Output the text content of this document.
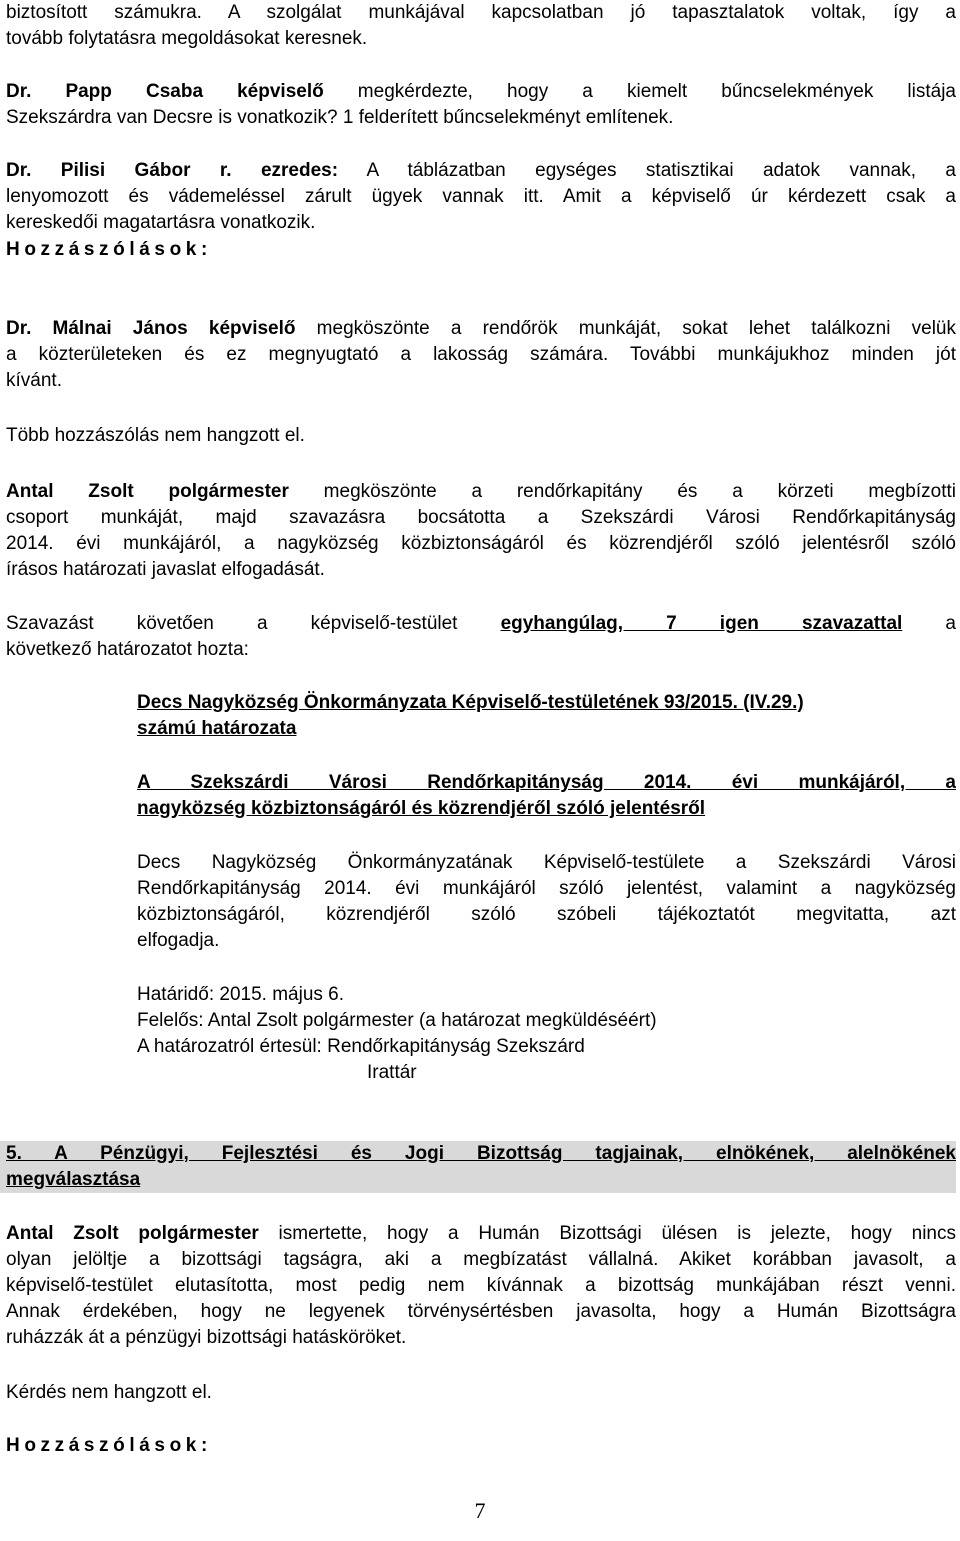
biztosított számukra. A szolgálat munkájával kapcsolatban jó tapasztalatok voltak, így a
tovább folytatásra megoldásokat keresnek.
Dr. Papp Csaba képviselő megkérdezte, hogy a kiemelt bűncselekmények listája
Szekszárdra van Decsre is vonatkozik? 1 felderített bűncselekményt említenek.
Dr. Pilisi Gábor r. ezredes: A táblázatban egységes statisztikai adatok vannak, a
lenyomozott és vádemeléssel zárult ügyek vannak itt. Amit a képviselő úr kérdezett csak a
kereskedői magatartásra vonatkozik.
Hozzászólások:
Dr. Málnai János képviselő megköszönte a rendőrök munkáját, sokat lehet találkozni velük
a közterületeken és ez megnyugtató a lakosság számára. További munkájukhoz minden jót
kívánt.
Több hozzászólás nem hangzott el.
Antal Zsolt polgármester megköszönte a rendőrkapitány és a körzeti megbízotti
csoport munkáját, majd szavazásra bocsátotta a Szekszárdi Városi Rendőrkapitányság
2014. évi munkájáról, a nagyközség közbiztonságáról és közrendjéről szóló jelentésről szóló
írásos határozati javaslat elfogadását.
Szavazást követően a képviselő-testület egyhangúlag, 7 igen szavazattal a
következő határozatot hozta:
Decs Nagyközség Önkormányzata Képviselő-testületének 93/2015. (IV.29.)
számú határozata
A Szekszárdi Városi Rendőrkapitányság 2014. évi munkájáról, a
nagyközség közbiztonságáról és közrendjéről szóló jelentésről
Decs Nagyközség Önkormányzatának Képviselő-testülete a Szekszárdi Városi
Rendőrkapitányság 2014. évi munkájáról szóló jelentést, valamint a nagyközség
közbiztonságáról, közrendjéről szóló szóbeli tájékoztatót megvitatta, azt
elfogadja.
Határidő: 2015. május 6.
Felelős: Antal Zsolt polgármester (a határozat megküldéséért)
A határozatról értesül: Rendőrkapitányság Szekszárd
Irattár
5. A Pénzügyi, Fejlesztési és Jogi Bizottság tagjainak, elnökének, alelnökének
megválasztása
Antal Zsolt polgármester ismertette, hogy a Humán Bizottsági ülésen is jelezte, hogy nincs
olyan jelöltje a bizottsági tagságra, aki a megbízatást vállalná. Akiket korábban javasolt, a
képviselő-testület elutasította, most pedig nem kívánnak a bizottság munkájában részt venni.
Annak érdekében, hogy ne legyenek törvénysértésben javasolta, hogy a Humán Bizottságra
ruházzák át a pénzügyi bizottsági hatásköröket.
Kérdés nem hangzott el.
Hozzászólások:
7
